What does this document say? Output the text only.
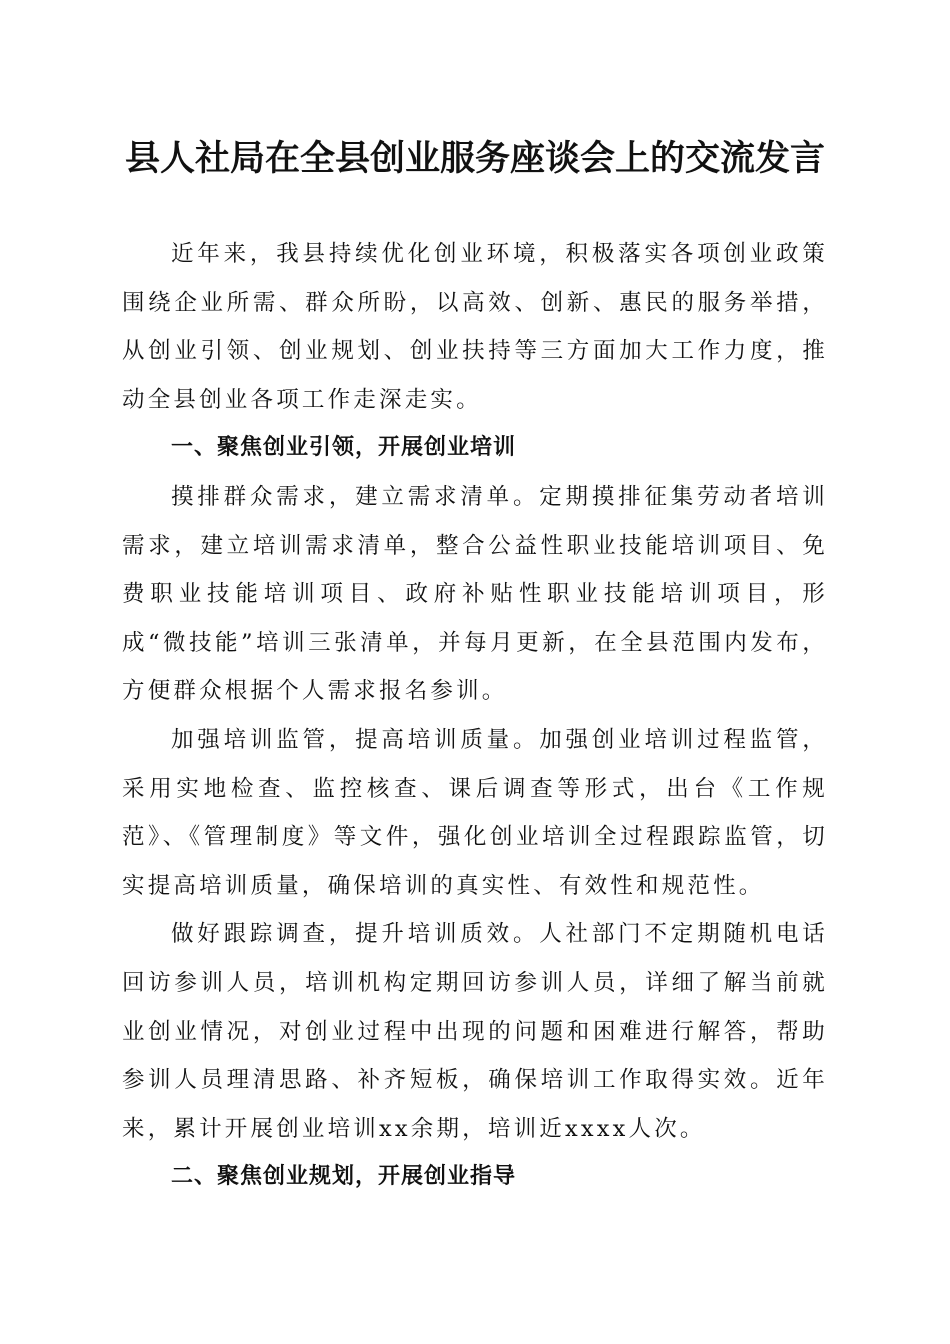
县人社局在全县创业服务座谈会上的交流发言

近年来，我县持续优化创业环境，积极落实各项创业政策围绕企业所需、群众所盼，以高效、创新、惠民的服务举措，从创业引领、创业规划、创业扶持等三方面加大工作力度，推动全县创业各项工作走深走实。

一、聚焦创业引领，开展创业培训

摸排群众需求，建立需求清单。定期摸排征集劳动者培训需求，建立培训需求清单，整合公益性职业技能培训项目、免费职业技能培训项目、政府补贴性职业技能培训项目，形成“微技能”培训三张清单，并每月更新，在全县范围内发布，方便群众根据个人需求报名参训。

加强培训监管，提高培训质量。加强创业培训过程监管，采用实地检查、监控核查、课后调查等形式，出台《工作规范》、《管理制度》等文件，强化创业培训全过程跟踪监管，切实提高培训质量，确保培训的真实性、有效性和规范性。

做好跟踪调查，提升培训质效。人社部门不定期随机电话回访参训人员，培训机构定期回访参训人员，详细了解当前就业创业情况，对创业过程中出现的问题和困难进行解答，帮助参训人员理清思路、补齐短板，确保培训工作取得实效。近年来，累计开展创业培训xx余期，培训近xxxx人次。

二、聚焦创业规划，开展创业指导
